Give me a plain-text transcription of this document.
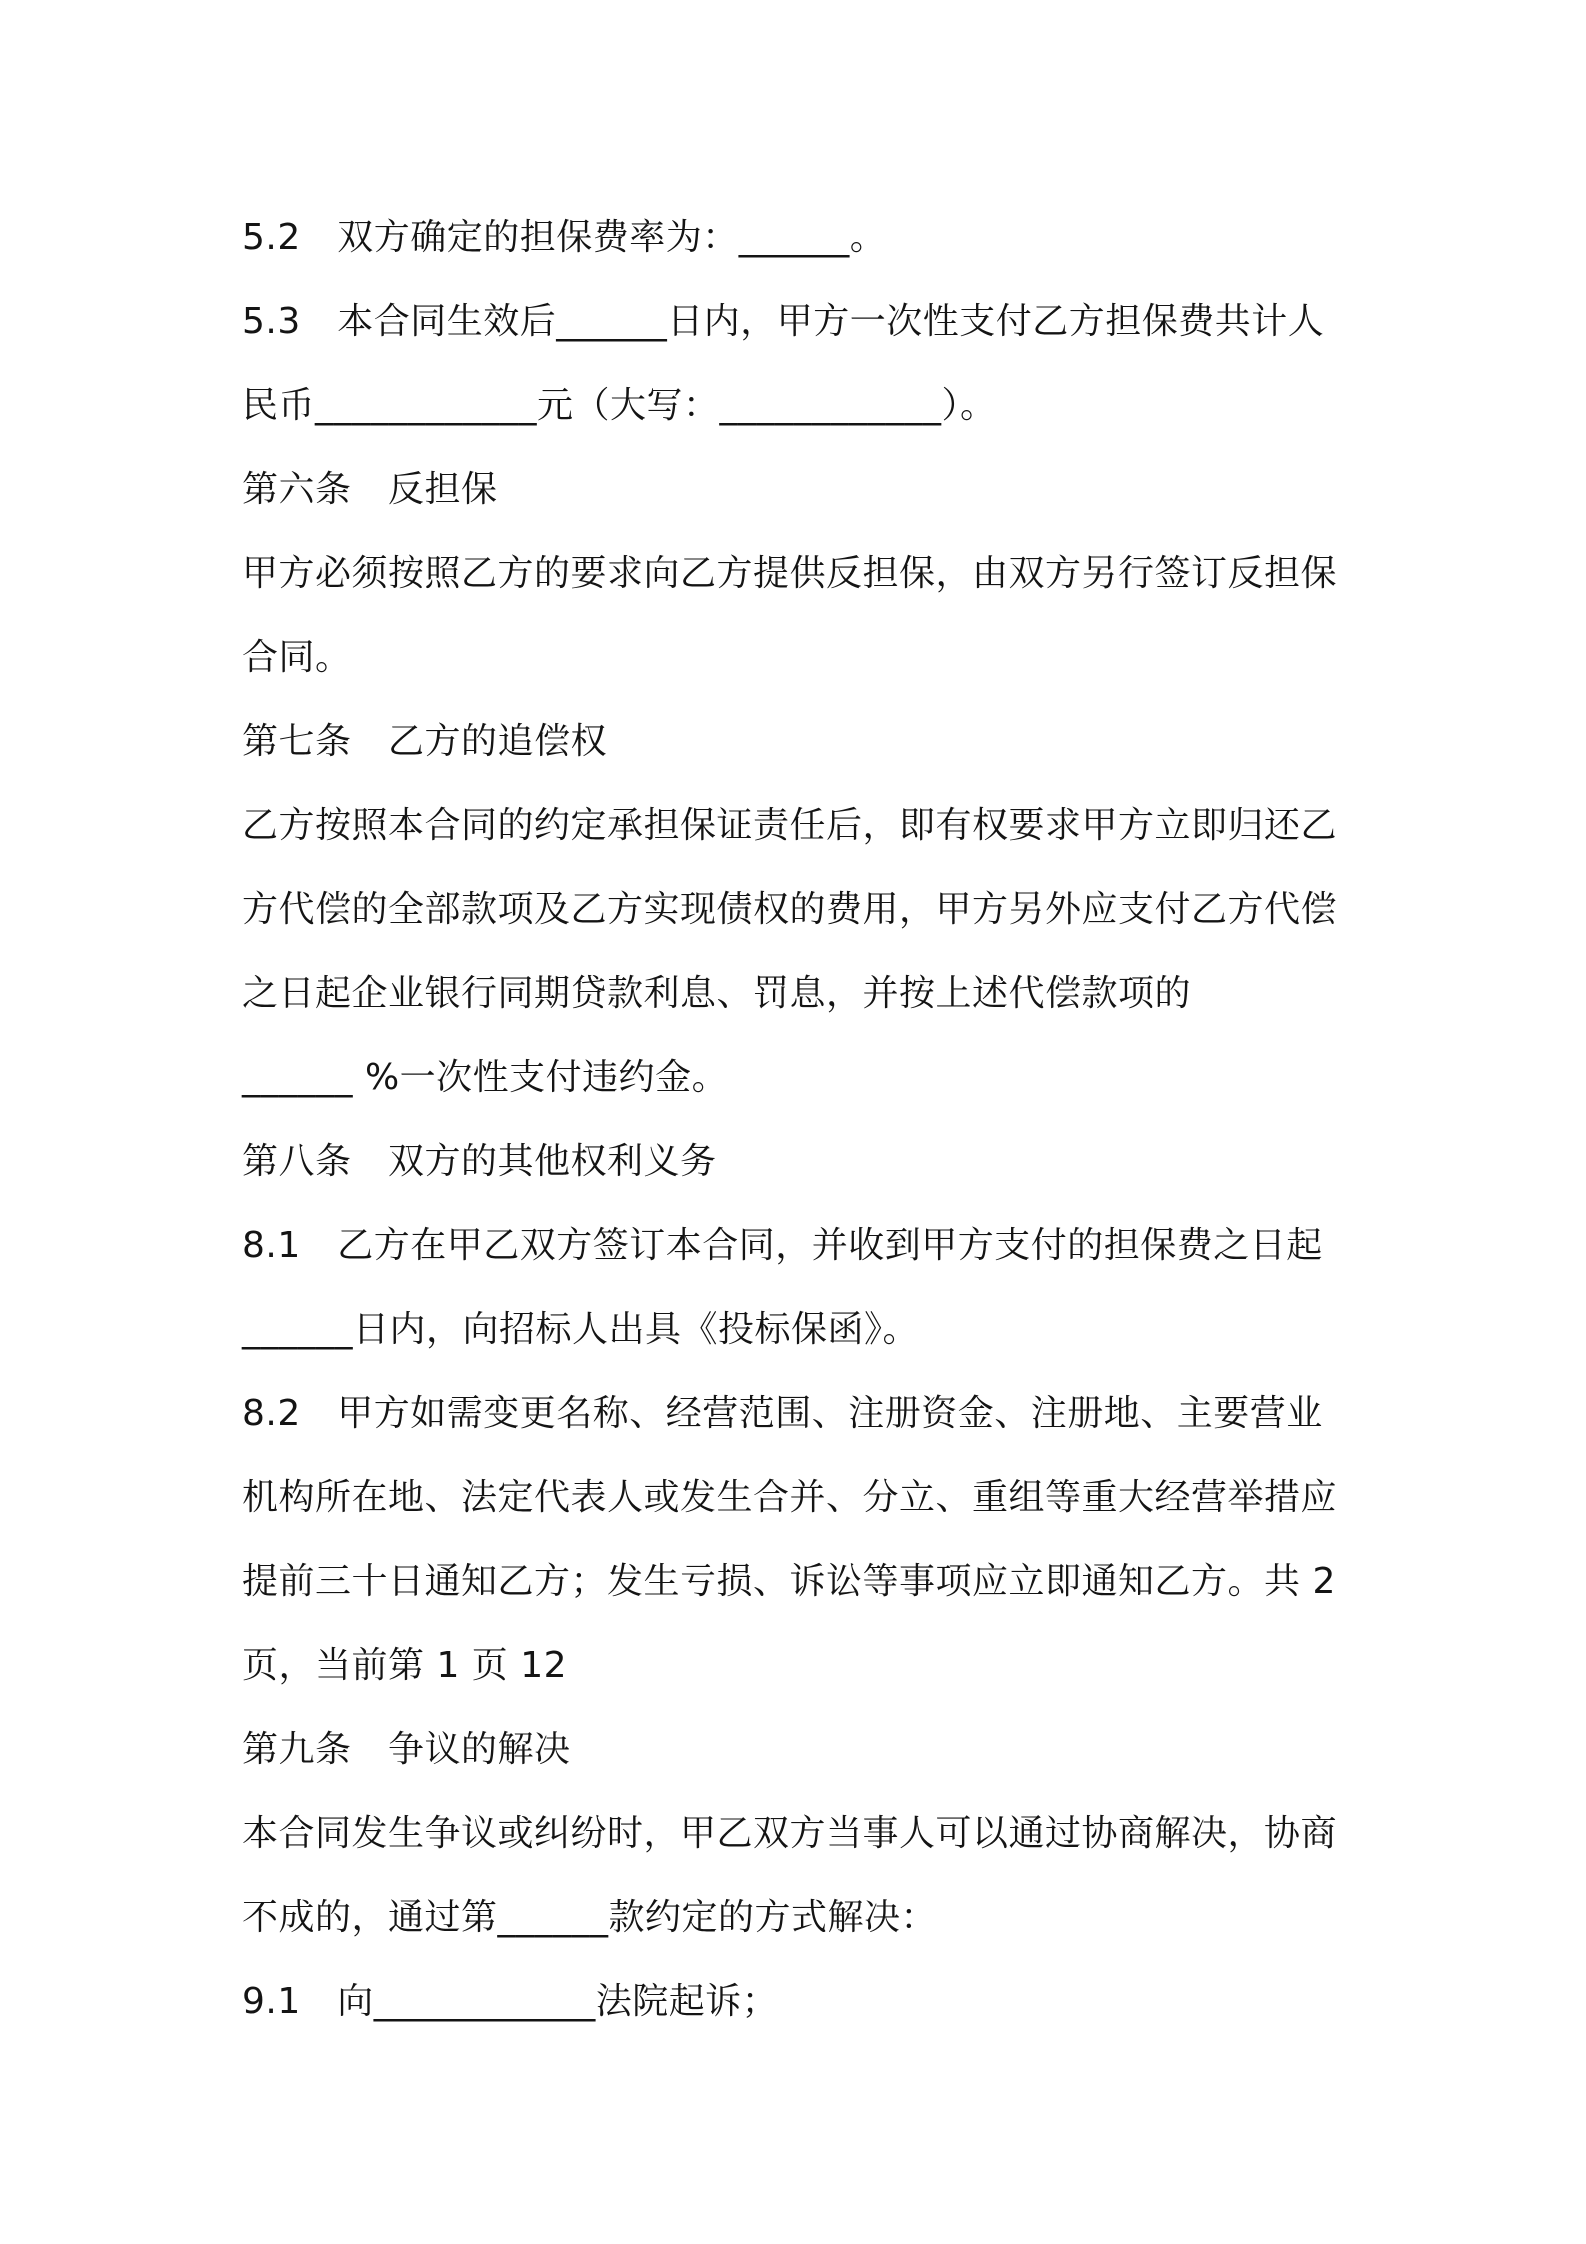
5.2　双方确定的担保费率为：______。
5.3　本合同生效后______日内，甲方一次性支付乙方担保费共计人
民币____________元（大写：____________）。
第六条　反担保
甲方必须按照乙方的要求向乙方提供反担保，由双方另行签订反担保
合同。
第七条　乙方的追偿权
乙方按照本合同的约定承担保证责任后，即有权要求甲方立即归还乙
方代偿的全部款项及乙方实现债权的费用，甲方另外应支付乙方代偿
之日起企业银行同期贷款利息、罚息，并按上述代偿款项的
______ %一次性支付违约金。
第八条　双方的其他权利义务
8.1　乙方在甲乙双方签订本合同，并收到甲方支付的担保费之日起
______日内，向招标人出具《投标保函》。
8.2　甲方如需变更名称、经营范围、注册资金、注册地、主要营业
机构所在地、法定代表人或发生合并、分立、重组等重大经营举措应
提前三十日通知乙方；发生亏损、诉讼等事项应立即通知乙方。共 2
页，当前第 1 页 12
第九条　争议的解决
本合同发生争议或纠纷时，甲乙双方当事人可以通过协商解决，协商
不成的，通过第______款约定的方式解决：
9.1　向____________法院起诉；
